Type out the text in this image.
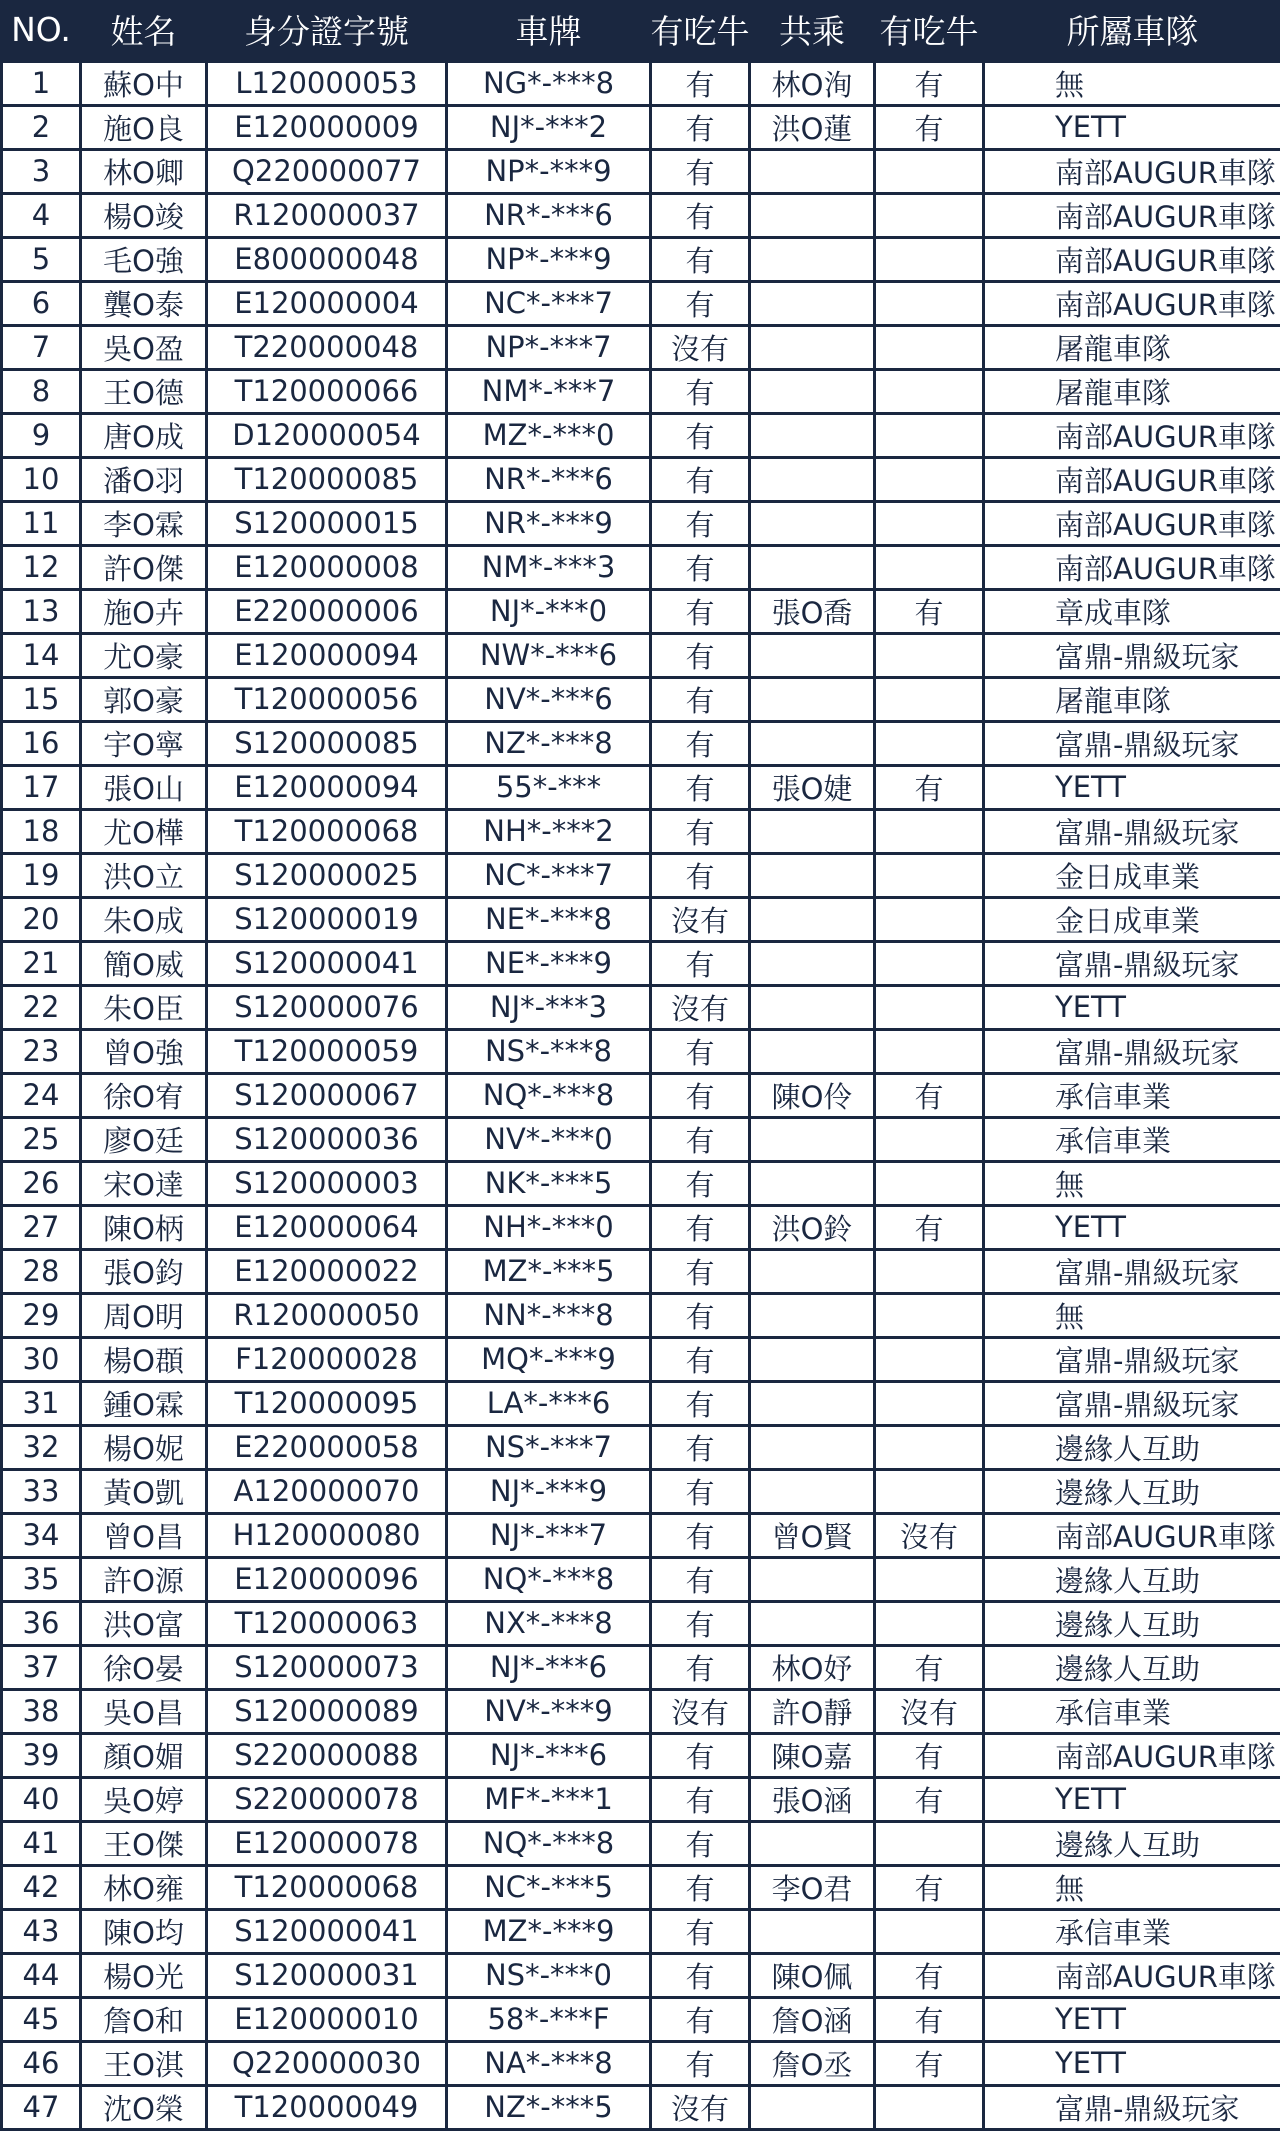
NO.	姓名	身分證字號	車牌	有吃牛	共乘	有吃牛	所屬車隊
1	蘇O中	L120000053	NG*-***8	有	林O洵	有	無
2	施O良	E120000009	NJ*-***2	有	洪O蓮	有	YETT
3	林O卿	Q220000077	NP*-***9	有			南部AUGUR車隊
4	楊O竣	R120000037	NR*-***6	有			南部AUGUR車隊
5	毛O強	E800000048	NP*-***9	有			南部AUGUR車隊
6	龔O泰	E120000004	NC*-***7	有			南部AUGUR車隊
7	吳O盈	T220000048	NP*-***7	沒有			屠龍車隊
8	王O德	T120000066	NM*-***7	有			屠龍車隊
9	唐O成	D120000054	MZ*-***0	有			南部AUGUR車隊
10	潘O羽	T120000085	NR*-***6	有			南部AUGUR車隊
11	李O霖	S120000015	NR*-***9	有			南部AUGUR車隊
12	許O傑	E120000008	NM*-***3	有			南部AUGUR車隊
13	施O卉	E220000006	NJ*-***0	有	張O喬	有	章成車隊
14	尤O豪	E120000094	NW*-***6	有			富鼎-鼎級玩家
15	郭O豪	T120000056	NV*-***6	有			屠龍車隊
16	宇O寧	S120000085	NZ*-***8	有			富鼎-鼎級玩家
17	張O山	E120000094	55*-***	有	張O婕	有	YETT
18	尤O樺	T120000068	NH*-***2	有			富鼎-鼎級玩家
19	洪O立	S120000025	NC*-***7	有			金日成車業
20	朱O成	S120000019	NE*-***8	沒有			金日成車業
21	簡O威	S120000041	NE*-***9	有			富鼎-鼎級玩家
22	朱O臣	S120000076	NJ*-***3	沒有			YETT
23	曾O強	T120000059	NS*-***8	有			富鼎-鼎級玩家
24	徐O宥	S120000067	NQ*-***8	有	陳O伶	有	承信車業
25	廖O廷	S120000036	NV*-***0	有			承信車業
26	宋O達	S120000003	NK*-***5	有			無
27	陳O柄	E120000064	NH*-***0	有	洪O鈴	有	YETT
28	張O鈞	E120000022	MZ*-***5	有			富鼎-鼎級玩家
29	周O明	R120000050	NN*-***8	有			無
30	楊O頵	F120000028	MQ*-***9	有			富鼎-鼎級玩家
31	鍾O霖	T120000095	LA*-***6	有			富鼎-鼎級玩家
32	楊O妮	E220000058	NS*-***7	有			邊緣人互助
33	黃O凱	A120000070	NJ*-***9	有			邊緣人互助
34	曾O昌	H120000080	NJ*-***7	有	曾O賢	沒有	南部AUGUR車隊
35	許O源	E120000096	NQ*-***8	有			邊緣人互助
36	洪O富	T120000063	NX*-***8	有			邊緣人互助
37	徐O晏	S120000073	NJ*-***6	有	林O妤	有	邊緣人互助
38	吳O昌	S120000089	NV*-***9	沒有	許O靜	沒有	承信車業
39	顏O媚	S220000088	NJ*-***6	有	陳O嘉	有	南部AUGUR車隊
40	吳O婷	S220000078	MF*-***1	有	張O涵	有	YETT
41	王O傑	E120000078	NQ*-***8	有			邊緣人互助
42	林O雍	T120000068	NC*-***5	有	李O君	有	無
43	陳O均	S120000041	MZ*-***9	有			承信車業
44	楊O光	S120000031	NS*-***0	有	陳O佩	有	南部AUGUR車隊
45	詹O和	E120000010	58*-***F	有	詹O涵	有	YETT
46	王O淇	Q220000030	NA*-***8	有	詹O丞	有	YETT
47	沈O榮	T120000049	NZ*-***5	沒有			富鼎-鼎級玩家
